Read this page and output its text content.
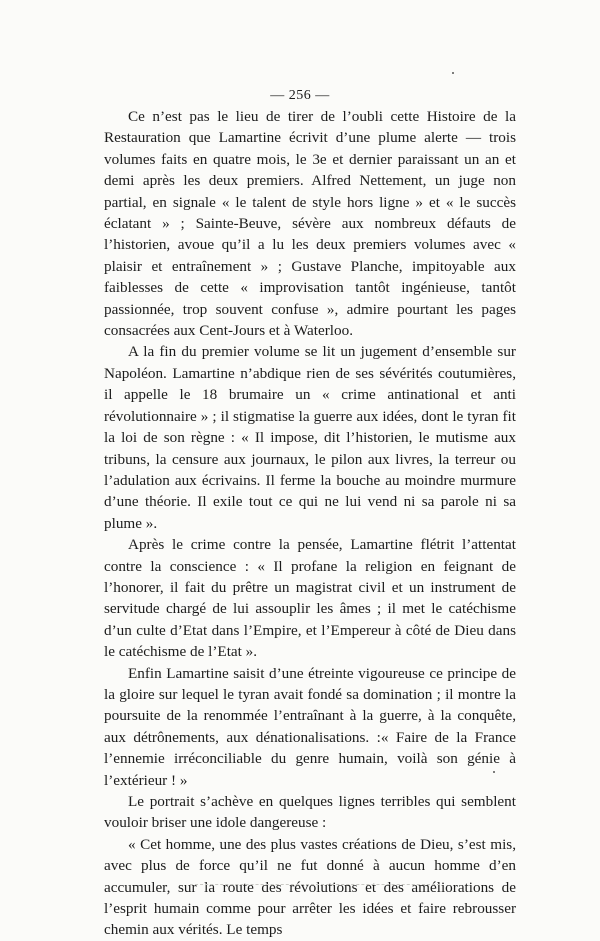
— 256 —

Ce n’est pas le lieu de tirer de l’oubli cette Histoire de la Restauration que Lamartine écrivit d’une plume alerte — trois volumes faits en quatre mois, le 3e et dernier paraissant un an et demi après les deux premiers. Alfred Nettement, un juge non partial, en signale « le talent de style hors ligne » et « le succès éclatant » ; Sainte-Beuve, sévère aux nombreux défauts de l’historien, avoue qu’il a lu les deux premiers volumes avec « plaisir et entraînement » ; Gustave Planche, impitoyable aux faiblesses de cette « improvisation tantôt ingénieuse, tantôt passionnée, trop souvent confuse », admire pourtant les pages consacrées aux Cent-Jours et à Waterloo.

A la fin du premier volume se lit un jugement d’ensemble sur Napoléon. Lamartine n’abdique rien de ses sévérités coutumières, il appelle le 18 brumaire un « crime antinational et anti révolutionnaire » ; il stigmatise la guerre aux idées, dont le tyran fit la loi de son règne : « Il impose, dit l’historien, le mutisme aux tribuns, la censure aux journaux, le pilon aux livres, la terreur ou l’adulation aux écrivains. Il ferme la bouche au moindre murmure d’une théorie. Il exile tout ce qui ne lui vend ni sa parole ni sa plume ».

Après le crime contre la pensée, Lamartine flétrit l’attentat contre la conscience : « Il profane la religion en feignant de l’honorer, il fait du prêtre un magistrat civil et un instrument de servitude chargé de lui assouplir les âmes ; il met le catéchisme d’un culte d’Etat dans l’Empire, et l’Empereur à côté de Dieu dans le catéchisme de l’Etat ».

Enfin Lamartine saisit d’une étreinte vigoureuse ce principe de la gloire sur lequel le tyran avait fondé sa domination ; il montre la poursuite de la renommée l’entraînant à la guerre, à la conquête, aux détrônements, aux dénationalisations. :« Faire de la France l’ennemie irréconciliable du genre humain, voilà son génie à l’extérieur ! »

Le portrait s’achève en quelques lignes terribles qui semblent vouloir briser une idole dangereuse :

« Cet homme, une des plus vastes créations de Dieu, s’est mis, avec plus de force qu’il ne fut donné à aucun homme d’en accumuler, sur la route des révolutions et des améliorations de l’esprit humain comme pour arrêter les idées et faire rebrousser chemin aux vérités. Le temps
